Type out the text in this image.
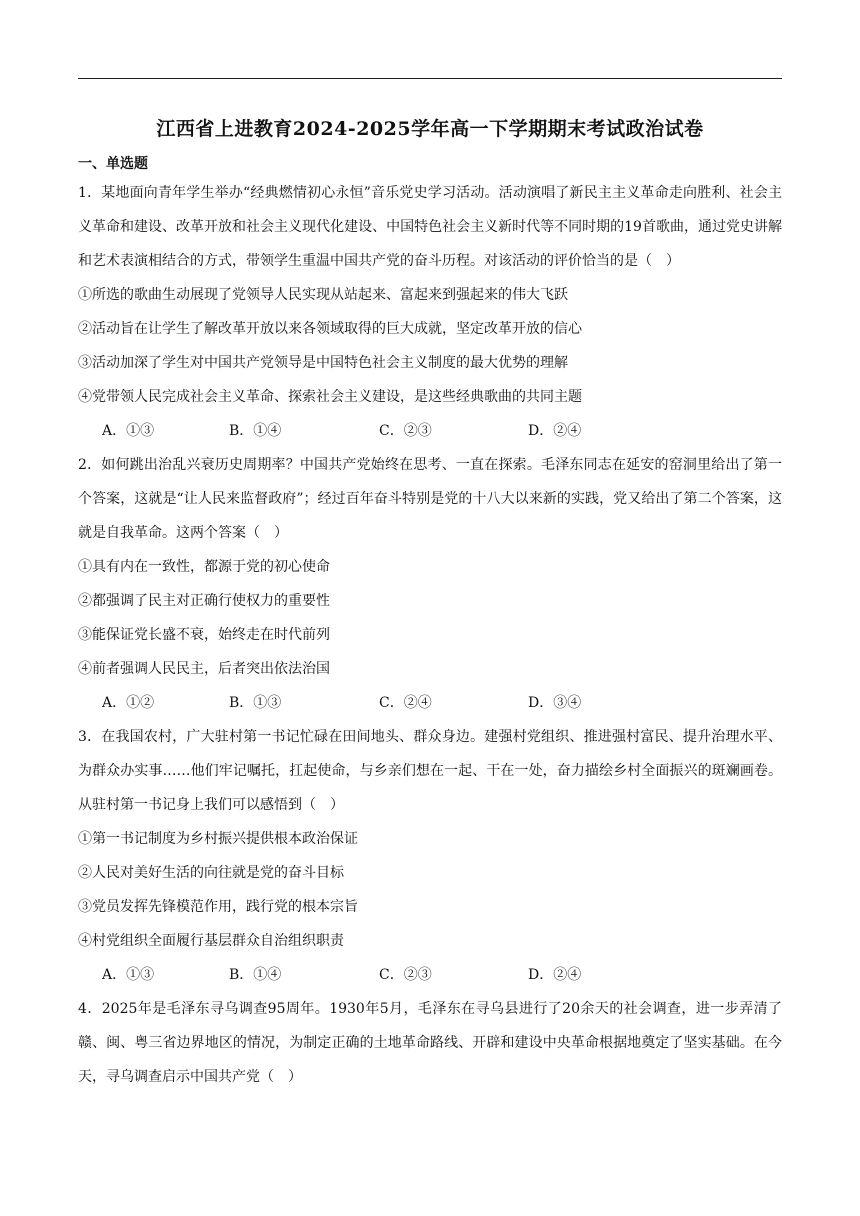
江西省上进教育2024-2025学年高一下学期期末考试政治试卷
一、单选题
1．某地面向青年学生举办“经典燃情初心永恒”音乐党史学习活动。活动演唱了新民主主义革命走向胜利、社会主义革命和建设、改革开放和社会主义现代化建设、中国特色社会主义新时代等不同时期的19首歌曲，通过党史讲解和艺术表演相结合的方式，带领学生重温中国共产党的奋斗历程。对该活动的评价恰当的是（　）
①所选的歌曲生动展现了党领导人民实现从站起来、富起来到强起来的伟大飞跃
②活动旨在让学生了解改革开放以来各领域取得的巨大成就，坚定改革开放的信心
③活动加深了学生对中国共产党领导是中国特色社会主义制度的最大优势的理解
④党带领人民完成社会主义革命、探索社会主义建设，是这些经典歌曲的共同主题
A．①③	B．①④	C．②③	D．②④
2．如何跳出治乱兴衰历史周期率？中国共产党始终在思考、一直在探索。毛泽东同志在延安的窑洞里给出了第一个答案，这就是“让人民来监督政府”；经过百年奋斗特别是党的十八大以来新的实践，党又给出了第二个答案，这就是自我革命。这两个答案（　）
①具有内在一致性，都源于党的初心使命
②都强调了民主对正确行使权力的重要性
③能保证党长盛不衰，始终走在时代前列
④前者强调人民民主，后者突出依法治国
A．①②	B．①③	C．②④	D．③④
3．在我国农村，广大驻村第一书记忙碌在田间地头、群众身边。建强村党组织、推进强村富民、提升治理水平、为群众办实事……他们牢记嘱托，扛起使命，与乡亲们想在一起、干在一处，奋力描绘乡村全面振兴的斑斓画卷。从驻村第一书记身上我们可以感悟到（　）
①第一书记制度为乡村振兴提供根本政治保证
②人民对美好生活的向往就是党的奋斗目标
③党员发挥先锋模范作用，践行党的根本宗旨
④村党组织全面履行基层群众自治组织职责
A．①③	B．①④	C．②③	D．②④
4．2025年是毛泽东寻乌调查95周年。1930年5月，毛泽东在寻乌县进行了20余天的社会调查，进一步弄清了赣、闽、粤三省边界地区的情况，为制定正确的土地革命路线、开辟和建设中央革命根据地奠定了坚实基础。在今天，寻乌调查启示中国共产党（　）
